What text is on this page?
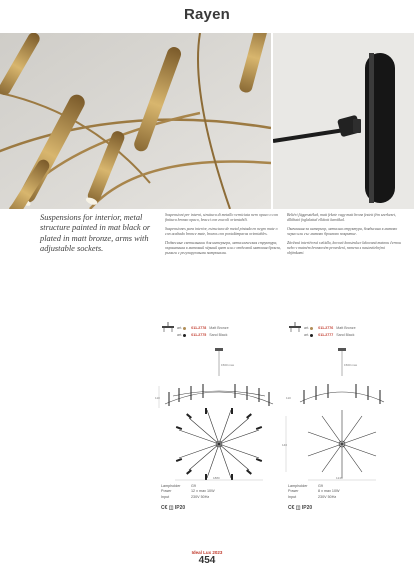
Rayen
Suspensions for interior, metal structure painted in mat black or plated in matt bronze, arms with adjustable sockets.

Sospensioni per interni, struttura di metallo verniciata nero opaco o con finitura bronzo opaco, bracci con zoccoli orientabili.

Suspensiones para interior, estructura de metal pintada en negro mate o con acabado bronce mate, brazos con portalámparas orientables.

Подвесные светильники для интерьера, металлическая структура, окрашенная в матовый чёрный цвет или с отделкой матовая бронза, рычаги с регулируемыми патронами.

Beltéri függesztékek, matt fekete vagy matt bronz festett fém szerkezet, állítható foglalattal ellátott karokkal.

Окачвания за интериор, метална структура, боядисана в матово черно или със матово бронзово покритие.

Závěsná interiérová svítidla, kovová konstrukce lakovaná matnou černou nebo v matném bronzovém provedení, ramena s nastavitelnými objímkami.

art.	011-2778 Matt Bronze
art.	011-2775 Sand Black
110
1500 max
1880
Lampholder	G9
Power	12 x max 10W
Input	230V 50Hz
C€ ◫ IP20
art.	011-2776 Matt Bronze
art.	011-2777 Sand Black
110
1500 max
140
1240
Lampholder	G9
Power	8 x max 10W
Input	230V 50Hz
C€ ◫ IP20
Ideal Lux 2023
454
